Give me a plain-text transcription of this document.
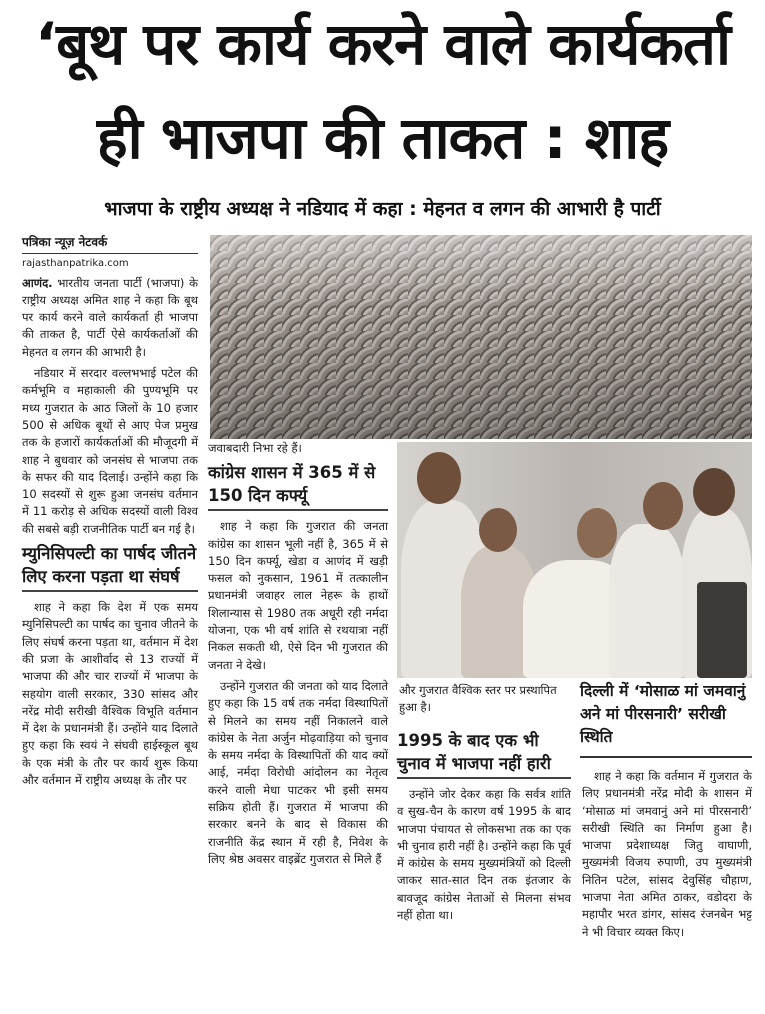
‘बूथ पर कार्य करने वाले कार्यकर्ता
ही भाजपा की ताकत : शाह
भाजपा के राष्ट्रीय अध्यक्ष ने नडियाद में कहा : मेहनत व लगन की आभारी है पार्टी
पत्रिका न्यूज़ नेटवर्क
rajasthanpatrika.com

आणंद. भारतीय जनता पार्टी (भाजपा) के राष्ट्रीय अध्यक्ष अमित शाह ने कहा कि बूथ पर कार्य करने वाले कार्यकर्ता ही भाजपा की ताकत है, पार्टी ऐसे कार्यकर्ताओं की मेहनत व लगन की आभारी है।

नडियार में सरदार वल्लभभाई पटेल की कर्मभूमि व महाकाली की पुण्यभूमि पर मध्य गुजरात के आठ जिलों के 10 हजार 500 से अधिक बूथों से आए पेज प्रमुख तक के हजारों कार्यकर्ताओं की मौजूदगी में शाह ने बुधवार को जनसंघ से भाजपा तक के सफर की याद दिलाई। उन्होंने कहा कि 10 सदस्यों से शुरू हुआ जनसंघ वर्तमान में 11 करोड़ से अधिक सदस्यों वाली विश्व की सबसे बड़ी राजनीतिक पार्टी बन गई है।

म्युनिसिपल्टी का पार्षद जीतने लिए करना पड़ता था संघर्ष

शाह ने कहा कि देश में एक समय म्युनिसिपल्टी का पार्षद का चुनाव जीतने के लिए संघर्ष करना पड़ता था, वर्तमान में देश की प्रजा के आशीर्वाद से 13 राज्यों में भाजपा की और चार राज्यों में भाजपा के सहयोग वाली सरकार, 330 सांसद और नरेंद्र मोदी सरीखी वैश्विक विभूति वर्तमान में देश के प्रधानमंत्री हैं। उन्होंने याद दिलाते हुए कहा कि स्वयं ने संघवी हाईस्कूल बूथ के एक मंत्री के तौर पर कार्य शुरू किया और वर्तमान में राष्ट्रीय अध्यक्ष के तौर पर

जवाबदारी निभा रहे हैं।
कांग्रेस शासन में 365 में से 150 दिन कर्फ्यू

शाह ने कहा कि गुजरात की जनता कांग्रेस का शासन भूली नहीं है, 365 में से 150 दिन कर्फ्यू, खेडा व आणंद में खड़ी फसल को नुकसान, 1961 में तत्कालीन प्रधानमंत्री जवाहर लाल नेहरू के हाथों शिलान्यास से 1980 तक अधूरी रही नर्मदा योजना, एक भी वर्ष शांति से रथयात्रा नहीं निकल सकती थी, ऐसे दिन भी गुजरात की जनता ने देखे।

उन्होंने गुजरात की जनता को याद दिलाते हुए कहा कि 15 वर्ष तक नर्मदा विस्थापितों से मिलने का समय नहीं निकालने वाले कांग्रेस के नेता अर्जुन मोढ़वाड़िया को चुनाव के समय नर्मदा के विस्थापितों की याद क्यों आई, नर्मदा विरोधी आंदोलन का नेतृत्व करने वाली मेधा पाटकर भी इसी समय सक्रिय होती हैं। गुजरात में भाजपा की सरकार बनने के बाद से विकास की राजनीति केंद्र स्थान में रही है, निवेश के लिए श्रेष्ठ अवसर वाइब्रेंट गुजरात से मिले हैं

और गुजरात वैश्विक स्तर पर प्रस्थापित हुआ है।
1995 के बाद एक भी चुनाव में भाजपा नहीं हारी

उन्होंने जोर देकर कहा कि सर्वत्र शांति व सुख-चैन के कारण वर्ष 1995 के बाद भाजपा पंचायत से लोकसभा तक का एक भी चुनाव हारी नहीं है। उन्होंने कहा कि पूर्व में कांग्रेस के समय मुख्यमंत्रियों को दिल्ली जाकर सात-सात दिन तक इंतजार के बावजूद कांग्रेस नेताओं से मिलना संभव नहीं होता था।

दिल्ली में ‘मोसाळ मां जमवानुं अने मां पीरसनारी’ सरीखी स्थिति

शाह ने कहा कि वर्तमान में गुजरात के लिए प्रधानमंत्री नरेंद्र मोदी के शासन में ‘मोसाळ मां जमवानुं अने मां पीरसनारी’ सरीखी स्थिति का निर्माण हुआ है। भाजपा प्रदेशाध्यक्ष जितु वाघाणी, मुख्यमंत्री विजय रुपाणी, उप मुख्यमंत्री नितिन पटेल, सांसद देवुसिंह चौहाण, भाजपा नेता अमित ठाकर, वडोदरा के महापौर भरत डांगर, सांसद रंजनबेन भट्ट ने भी विचार व्यक्त किए।
